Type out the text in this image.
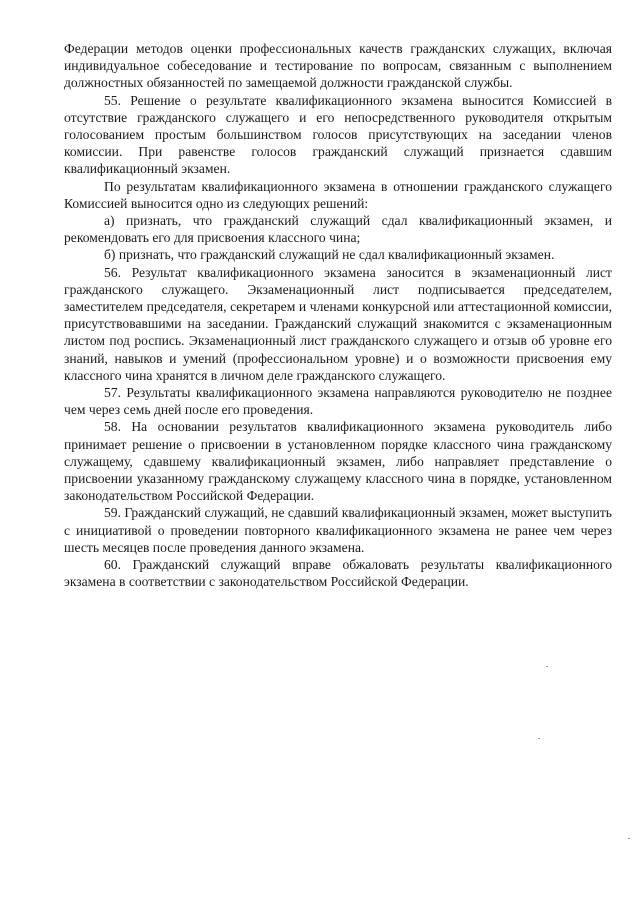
Федерации методов оценки профессиональных качеств гражданских служащих, включая индивидуальное собеседование и тестирование по вопросам, связанным с выполнением должностных обязанностей по замещаемой должности гражданской службы.

55. Решение о результате квалификационного экзамена выносится Комиссией в отсутствие гражданского служащего и его непосредственного руководителя открытым голосованием простым большинством голосов присутствующих на заседании членов комиссии. При равенстве голосов гражданский служащий признается сдавшим квалификационный экзамен.

По результатам квалификационного экзамена в отношении гражданского служащего Комиссией выносится одно из следующих решений:

а) признать, что гражданский служащий сдал квалификационный экзамен, и рекомендовать его для присвоения классного чина;

б) признать, что гражданский служащий не сдал квалификационный экзамен.

56. Результат квалификационного экзамена заносится в экзаменационный лист гражданского служащего. Экзаменационный лист подписывается председателем, заместителем председателя, секретарем и членами конкурсной или аттестационной комиссии, присутствовавшими на заседании. Гражданский служащий знакомится с экзаменационным листом под роспись. Экзаменационный лист гражданского служащего и отзыв об уровне его знаний, навыков и умений (профессиональном уровне) и о возможности присвоения ему классного чина хранятся в личном деле гражданского служащего.

57. Результаты квалификационного экзамена направляются руководителю не позднее чем через семь дней после его проведения.

58. На основании результатов квалификационного экзамена руководитель либо принимает решение о присвоении в установленном порядке классного чина гражданскому служащему, сдавшему квалификационный экзамен, либо направляет представление о присвоении указанному гражданскому служащему классного чина в порядке, установленном законодательством Российской Федерации.

59. Гражданский служащий, не сдавший квалификационный экзамен, может выступить с инициативой о проведении повторного квалификационного экзамена не ранее чем через шесть месяцев после проведения данного экзамена.

60. Гражданский служащий вправе обжаловать результаты квалификационного экзамена в соответствии с законодательством Российской Федерации.
